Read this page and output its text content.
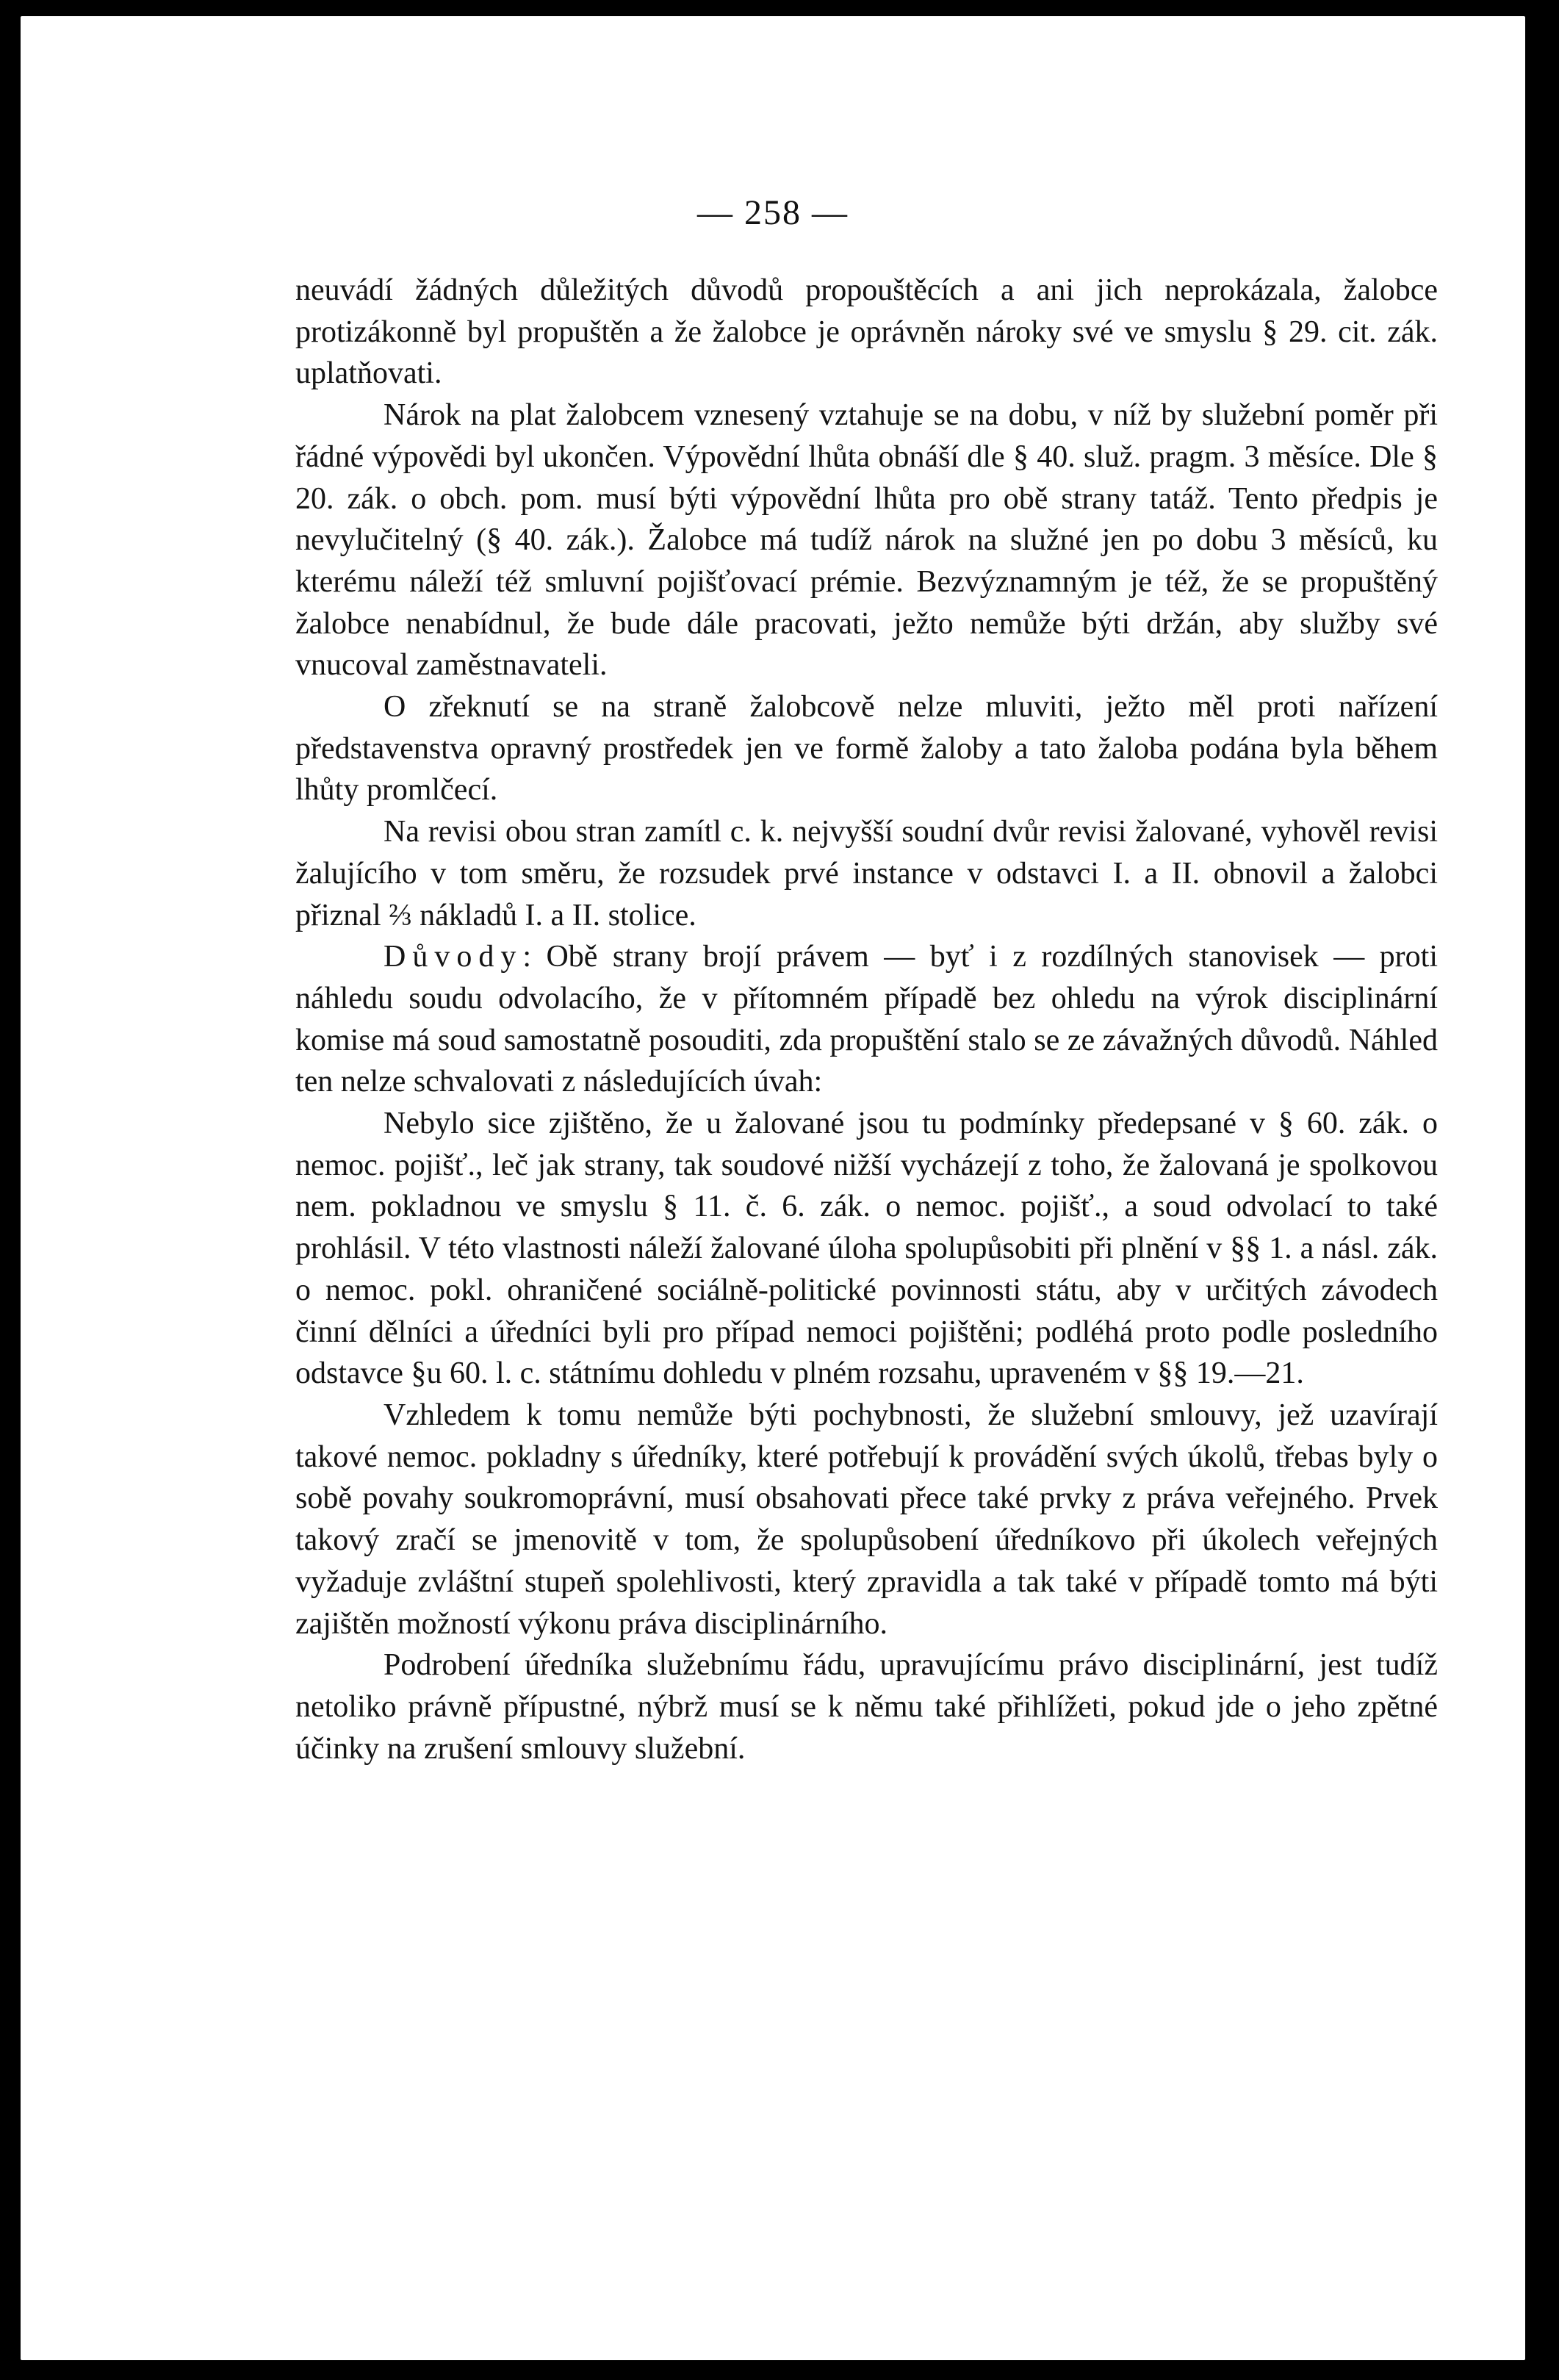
— 258 —

neuvádí žádných důležitých důvodů propouštěcích a ani jich neprokázala, žalobce protizákonně byl propuštěn a že žalobce je oprávněn nároky své ve smyslu § 29. cit. zák. uplatňovati.

Nárok na plat žalobcem vznesený vztahuje se na dobu, v níž by služební poměr při řádné výpovědi byl ukončen. Výpovědní lhůta obnáší dle § 40. služ. pragm. 3 měsíce. Dle § 20. zák. o obch. pom. musí býti výpovědní lhůta pro obě strany tatáž. Tento předpis je nevylučitelný (§ 40. zák.). Žalobce má tudíž nárok na služné jen po dobu 3 měsíců, ku kterému náleží též smluvní pojišťovací prémie. Bezvýznamným je též, že se propuštěný žalobce nenabídnul, že bude dále pracovati, ježto nemůže býti držán, aby služby své vnucoval zaměstnavateli.

O zřeknutí se na straně žalobcově nelze mluviti, ježto měl proti nařízení představenstva opravný prostředek jen ve formě žaloby a tato žaloba podána byla během lhůty promlčecí.

Na revisi obou stran zamítl c. k. nejvyšší soudní dvůr revisi žalované, vyhověl revisi žalujícího v tom směru, že rozsudek prvé instance v odstavci I. a II. obnovil a žalobci přiznal ⅔ nákladů I. a II. stolice.

Důvody: Obě strany brojí právem — byť i z rozdílných stanovisek — proti náhledu soudu odvolacího, že v přítomném případě bez ohledu na výrok disciplinární komise má soud samostatně posouditi, zda propuštění stalo se ze závažných důvodů. Náhled ten nelze schvalovati z následujících úvah:

Nebylo sice zjištěno, že u žalované jsou tu podmínky předepsané v § 60. zák. o nemoc. pojišť., leč jak strany, tak soudové nižší vycházejí z toho, že žalovaná je spolkovou nem. pokladnou ve smyslu § 11. č. 6. zák. o nemoc. pojišť., a soud odvolací to také prohlásil. V této vlastnosti náleží žalované úloha spolupůsobiti při plnění v §§ 1. a násl. zák. o nemoc. pokl. ohraničené sociálně-politické povinnosti státu, aby v určitých závodech činní dělníci a úředníci byli pro případ nemoci pojištěni; podléhá proto podle posledního odstavce §u 60. l. c. státnímu dohledu v plném rozsahu, upraveném v §§ 19.—21.

Vzhledem k tomu nemůže býti pochybnosti, že služební smlouvy, jež uzavírají takové nemoc. pokladny s úředníky, které potřebují k provádění svých úkolů, třebas byly o sobě povahy soukromoprávní, musí obsahovati přece také prvky z práva veřejného. Prvek takový zračí se jmenovitě v tom, že spolupůsobení úředníkovo při úkolech veřejných vyžaduje zvláštní stupeň spolehlivosti, který zpravidla a tak také v případě tomto má býti zajištěn možností výkonu práva disciplinárního.

Podrobení úředníka služebnímu řádu, upravujícímu právo disciplinární, jest tudíž netoliko právně přípustné, nýbrž musí se k němu také přihlížeti, pokud jde o jeho zpětné účinky na zrušení smlouvy služební.
